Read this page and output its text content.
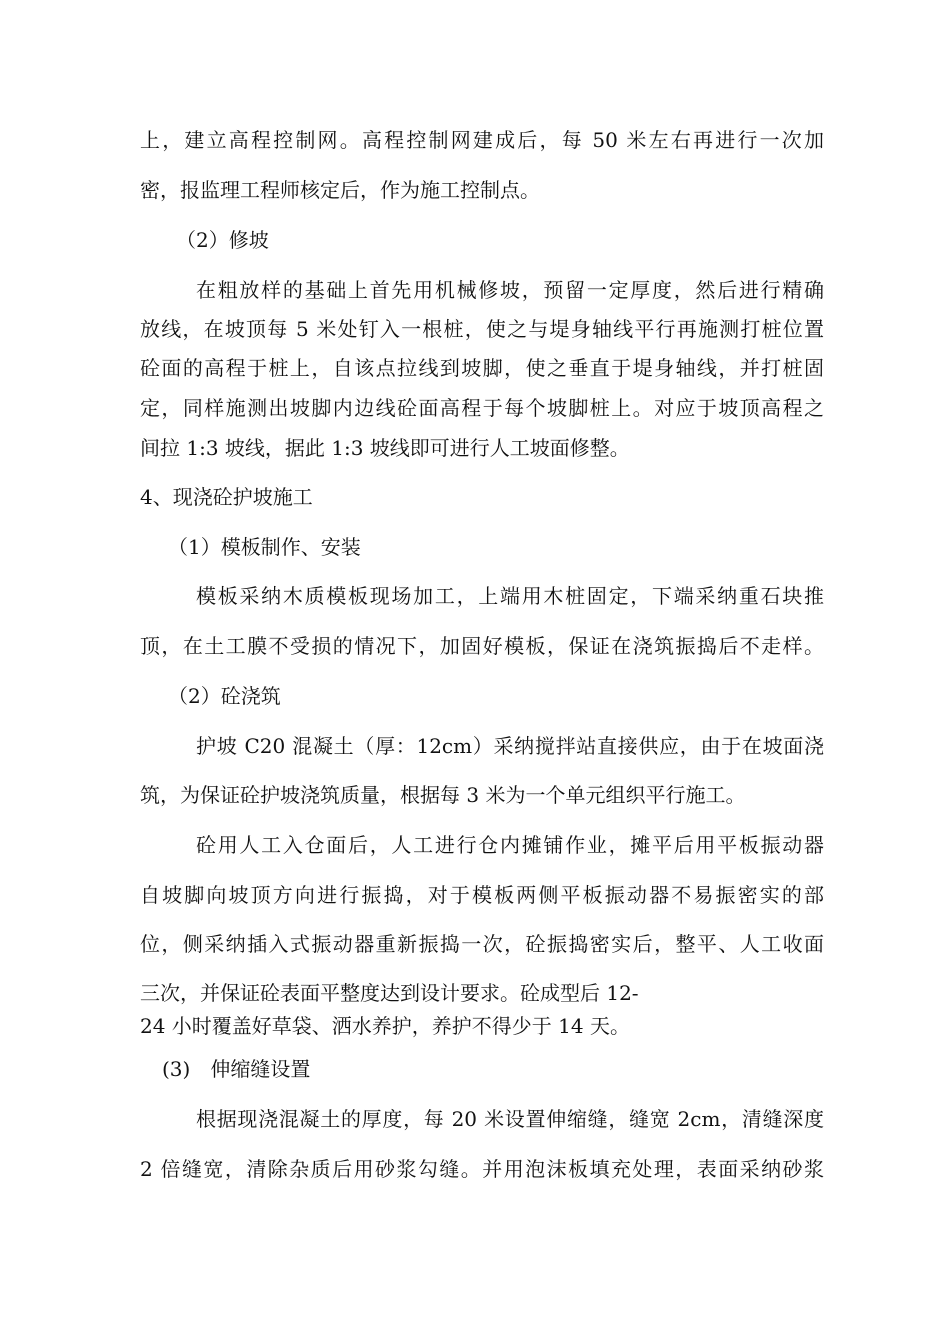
上，建立高程控制网。高程控制网建成后，每 50 米左右再进行一次加

密，报监理工程师核定后，作为施工控制点。

（2）修坡

在粗放样的基础上首先用机械修坡，预留一定厚度，然后进行精确

放线，在坡顶每 5 米处钉入一根桩，使之与堤身轴线平行再施测打桩位置

砼面的高程于桩上，自该点拉线到坡脚，使之垂直于堤身轴线，并打桩固

定，同样施测出坡脚内边线砼面高程于每个坡脚桩上。对应于坡顶高程之

间拉 1:3 坡线，据此 1:3 坡线即可进行人工坡面修整。

4、现浇砼护坡施工

（1）模板制作、安装

模板采纳木质模板现场加工，上端用木桩固定，下端采纳重石块推

顶，在土工膜不受损的情况下，加固好模板，保证在浇筑振捣后不走样。

（2）砼浇筑

护坡 C20 混凝土（厚：12cm）采纳搅拌站直接供应，由于在坡面浇

筑，为保证砼护坡浇筑质量，根据每 3 米为一个单元组织平行施工。

砼用人工入仓面后，人工进行仓内摊铺作业，摊平后用平板振动器

自坡脚向坡顶方向进行振捣，对于模板两侧平板振动器不易振密实的部

位，侧采纳插入式振动器重新振捣一次，砼振捣密实后，整平、人工收面

三次，并保证砼表面平整度达到设计要求。砼成型后 12-

24 小时覆盖好草袋、洒水养护，养护不得少于 14 天。

(3)　伸缩缝设置

根据现浇混凝土的厚度，每 20 米设置伸缩缝，缝宽 2cm，清缝深度

2 倍缝宽，清除杂质后用砂浆勾缝。并用泡沫板填充处理，表面采纳砂浆
